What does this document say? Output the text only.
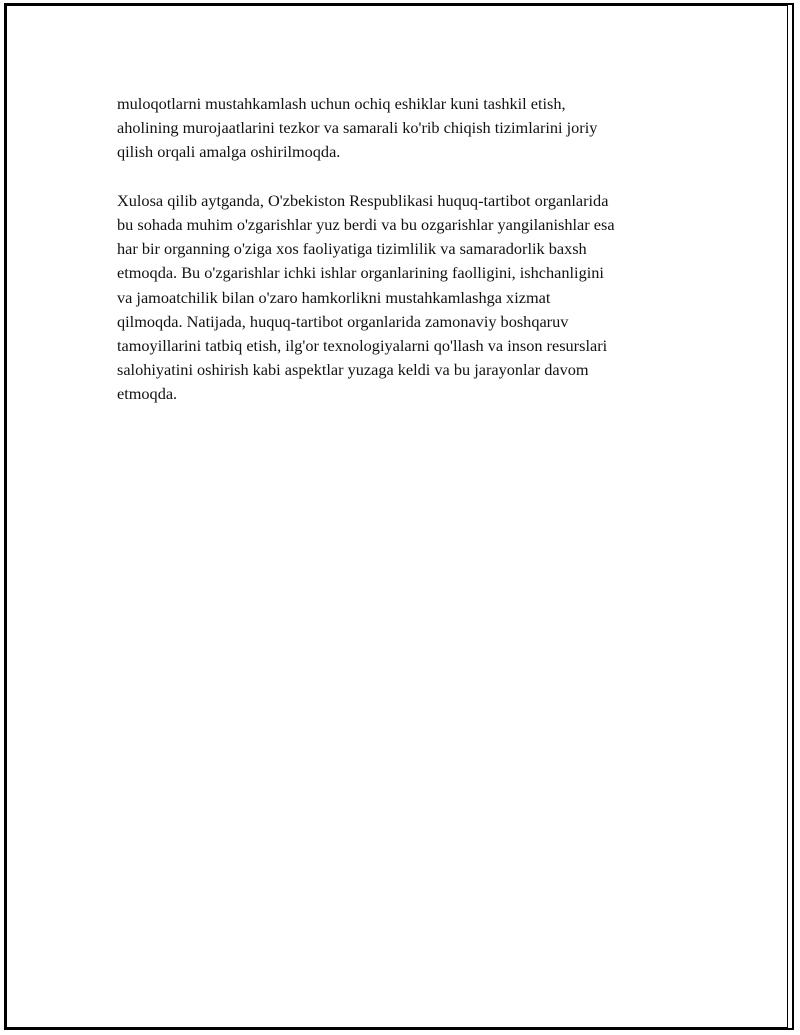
muloqotlarni mustahkamlash uchun ochiq eshiklar kuni tashkil etish,

aholining murojaatlarini tezkor va samarali ko'rib chiqish tizimlarini joriy

qilish orqali amalga oshirilmoqda.

Xulosa qilib aytganda, O'zbekiston Respublikasi huquq-tartibot organlarida

bu sohada muhim o'zgarishlar yuz berdi va bu ozgarishlar yangilanishlar esa

har bir organning o'ziga xos faoliyatiga tizimlilik va samaradorlik baxsh

etmoqda. Bu o'zgarishlar ichki ishlar organlarining faolligini, ishchanligini

va jamoatchilik bilan o'zaro hamkorlikni mustahkamlashga xizmat

qilmoqda. Natijada, huquq-tartibot organlarida zamonaviy boshqaruv

tamoyillarini tatbiq etish, ilg'or texnologiyalarni qo'llash va inson resurslari

salohiyatini oshirish kabi aspektlar yuzaga keldi va bu jarayonlar davom

etmoqda.
